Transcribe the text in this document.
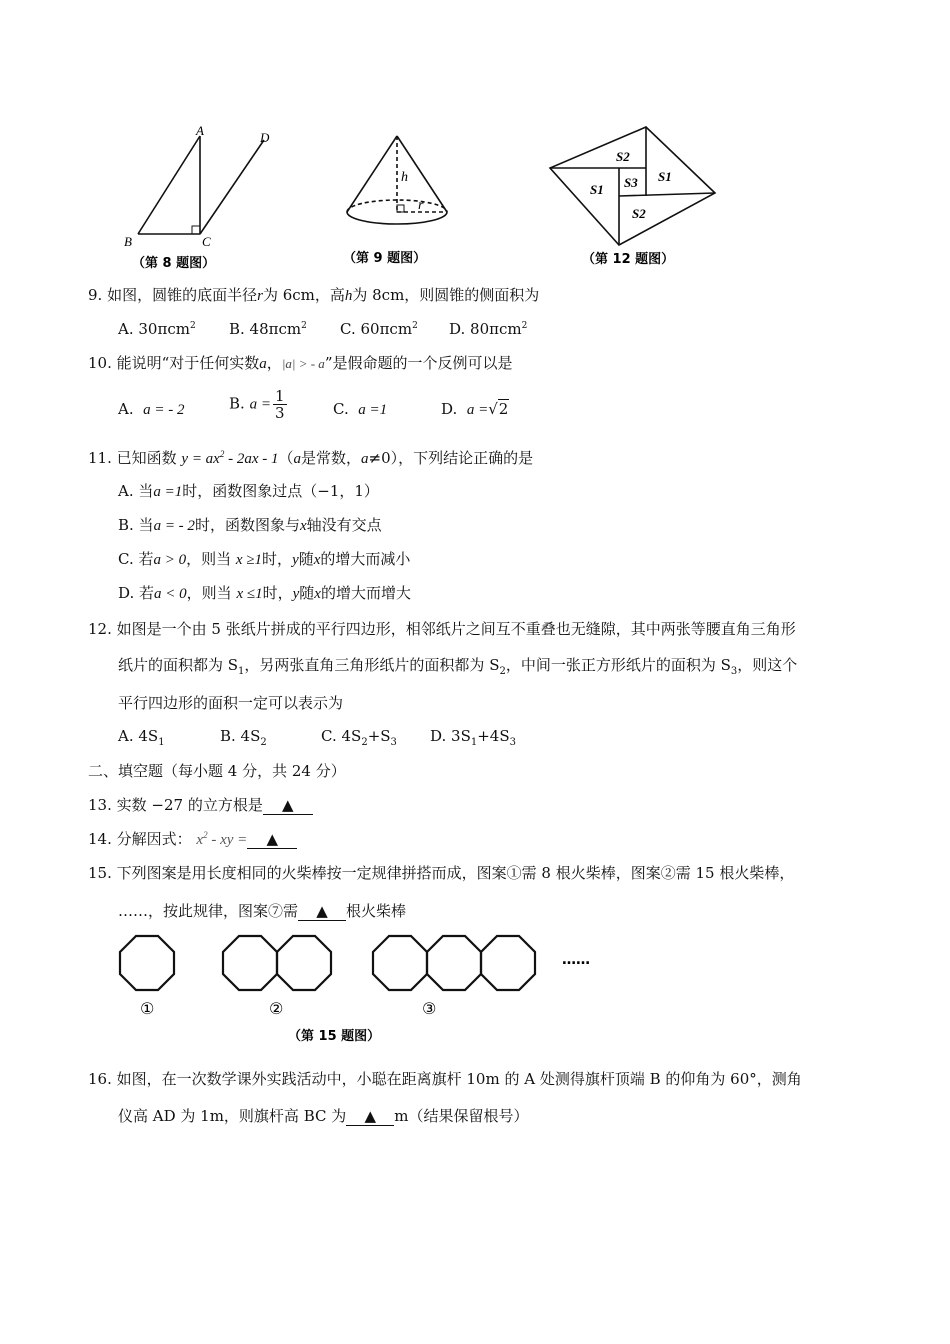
A	D
B	C
（第 8 题图）
h
r
（第 9 题图）
S2
S1 S3 S1
S2
（第 12 题图）
9. 如图，圆锥的底面半径r为 6cm，高h为 8cm，则圆锥的侧面积为
A. 30πcm$^2$ B. 48πcm$^2$ C. 60πcm$^2$ D. 80πcm$^2$
10. 能说明“对于任何实数a，|a| > - a”是假命题的一个反例可以是
A. a = - 2	B. $a = \frac{1}{3}$	C. a =1	D. a =√2
11. 已知函数 $y = ax^2 - 2ax - 1(a$是常数，a≠0），下列结论正确的是
A. 当a =1时，函数图象过点（−1，1）
B. 当a = - 2时，函数图象与x轴没有交点
C. 若a > 0，则当 x ≥1时，y随x的增大而减小
D. 若a < 0，则当 x ≤1时，y随x的增大而增大
12. 如图是一个由 5 张纸片拼成的平行四边形，相邻纸片之间互不重叠也无缝隙，其中两张等腰直角三角形
纸片的面积都为 $S_1$，另两张直角三角形纸片的面积都为 $S_2$，中间一张正方形纸片的面积为 $S_3$，则这个
平行四边形的面积一定可以表示为
A. $4S_1$	B. $4S_2$	C. $4S_2+S_3$ D. $3S_1+4S_3$
二、填空题（每小题 4 分，共 24 分）
13. 实数 −27 的立方根是 ▲
14. 分解因式： $x^2$ - xy = ▲
15. 下列图案是用长度相同的火柴棒按一定规律拼搭而成，图案①需 8 根火柴棒，图案②需 15 根火柴棒，
……，按此规律，图案⑦需 ▲ 根火柴棒
……
①	②	③
（第 15 题图）
16. 如图，在一次数学课外实践活动中，小聪在距离旗杆 10m 的 A 处测得旗杆顶端 B 的仰角为 60°，测角
仪高 AD 为 1m，则旗杆高 BC 为 ▲ m（结果保留根号）
